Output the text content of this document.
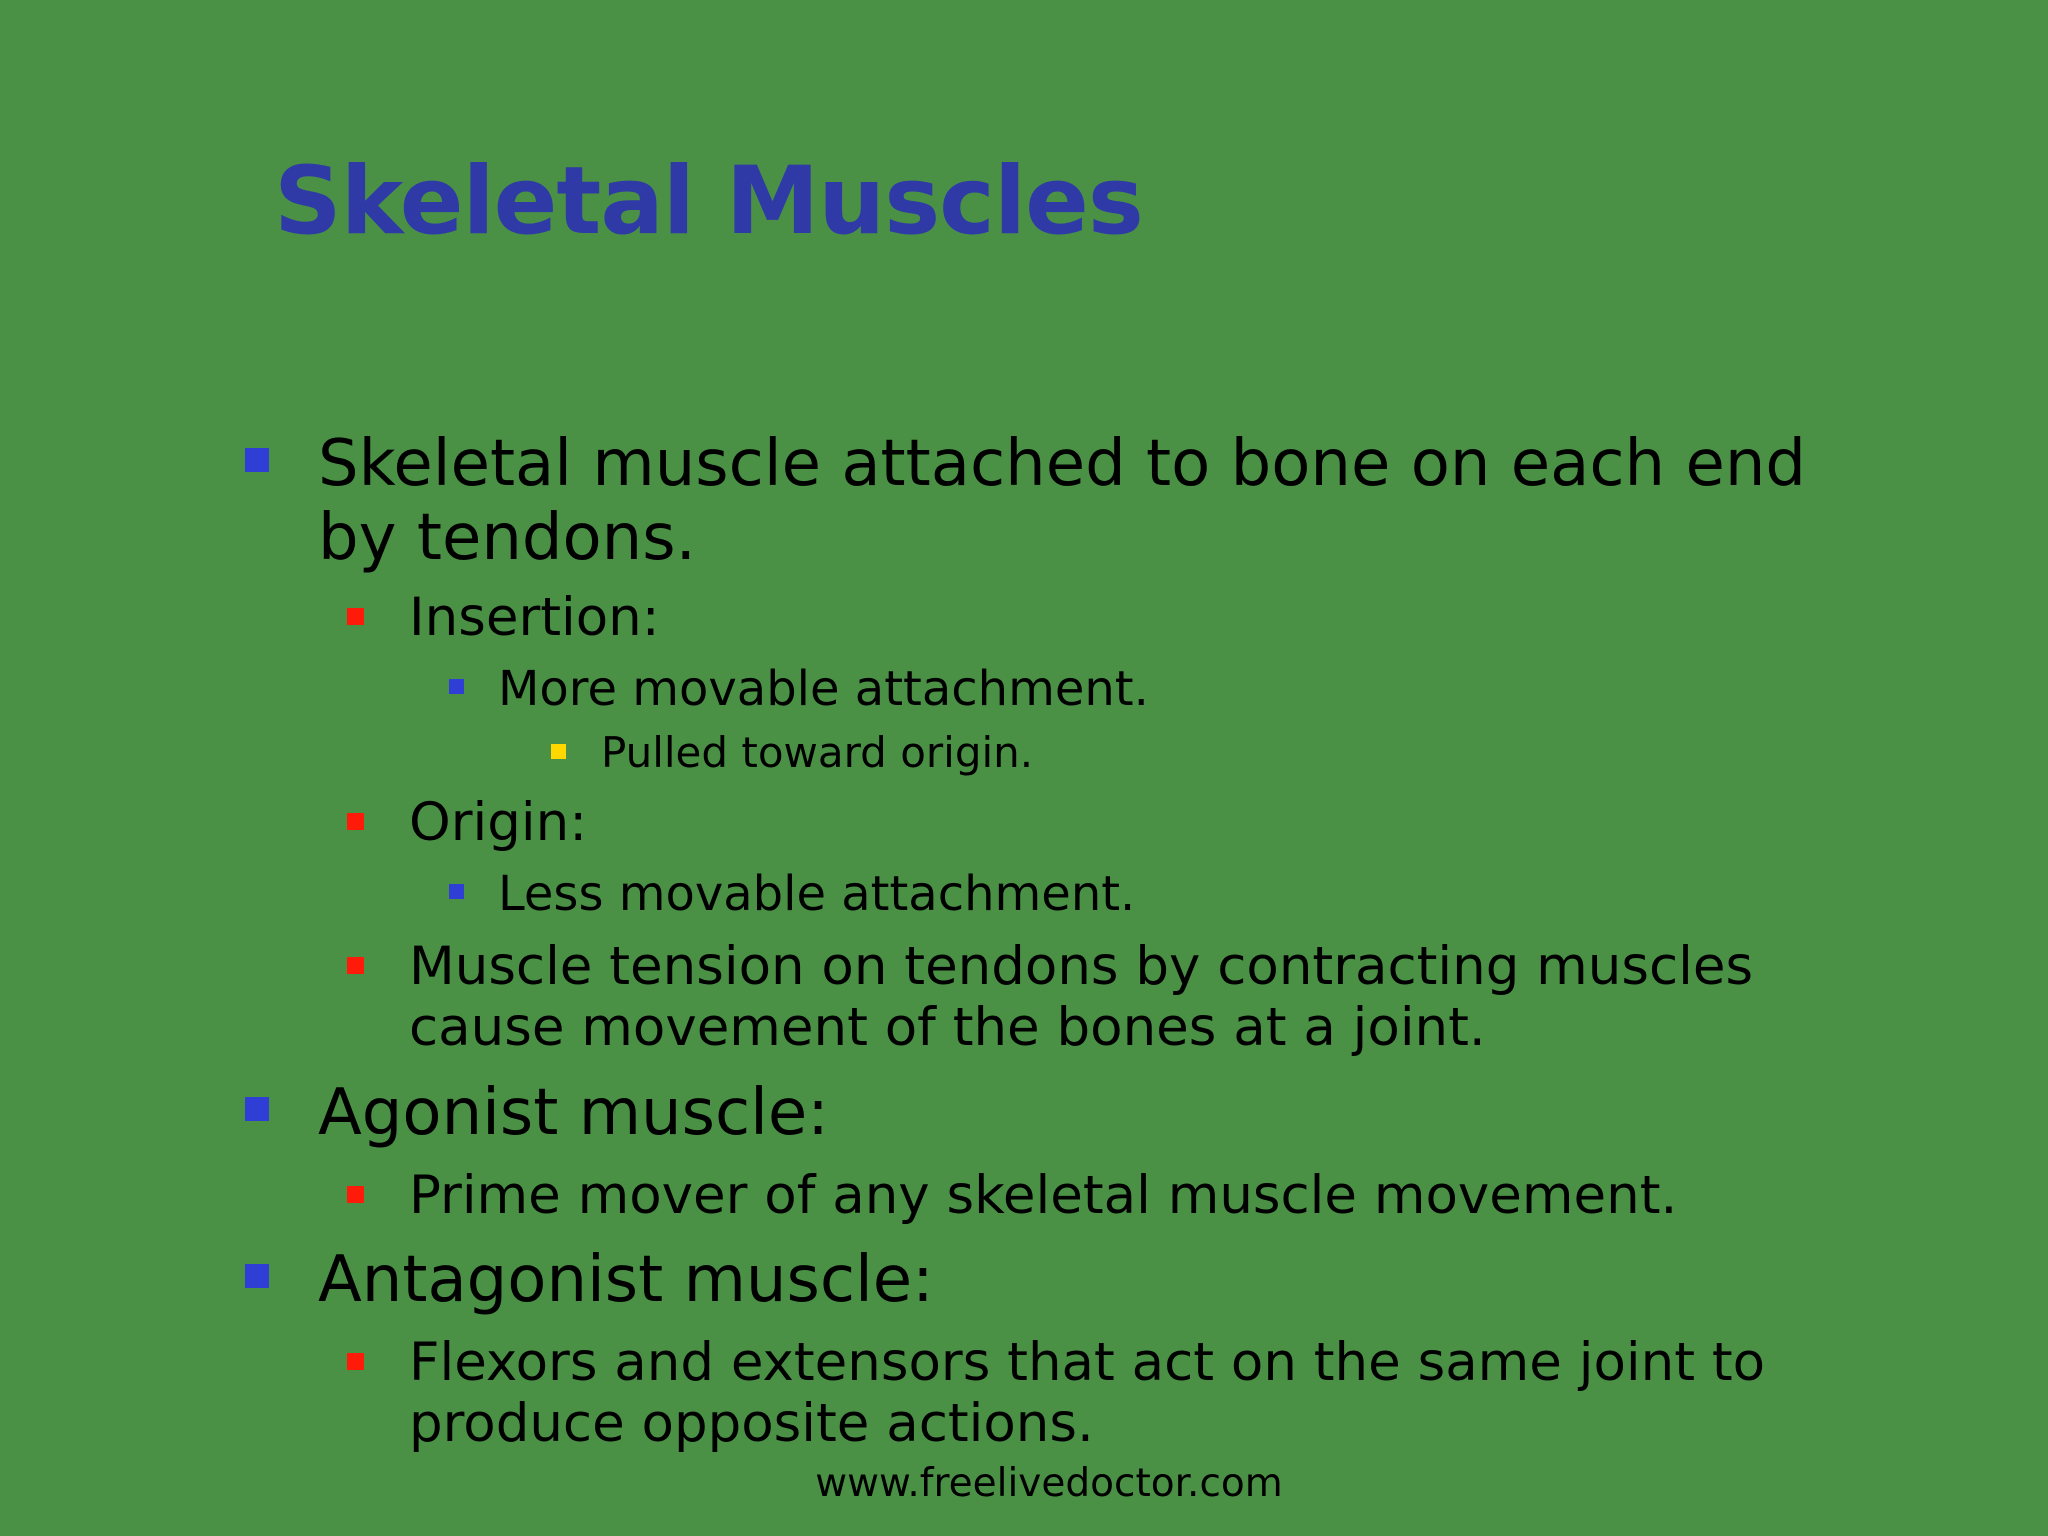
Skeletal Muscles
Skeletal muscle attached to bone on each end by tendons.
Insertion:
More movable attachment.
Pulled toward origin.
Origin:
Less movable attachment.
Muscle tension on tendons by contracting muscles cause movement of the bones at a joint.
Agonist muscle:
Prime mover of any skeletal muscle movement.
Antagonist muscle:
Flexors and extensors that act on the same joint to produce opposite actions.

www.freelivedoctor.com
